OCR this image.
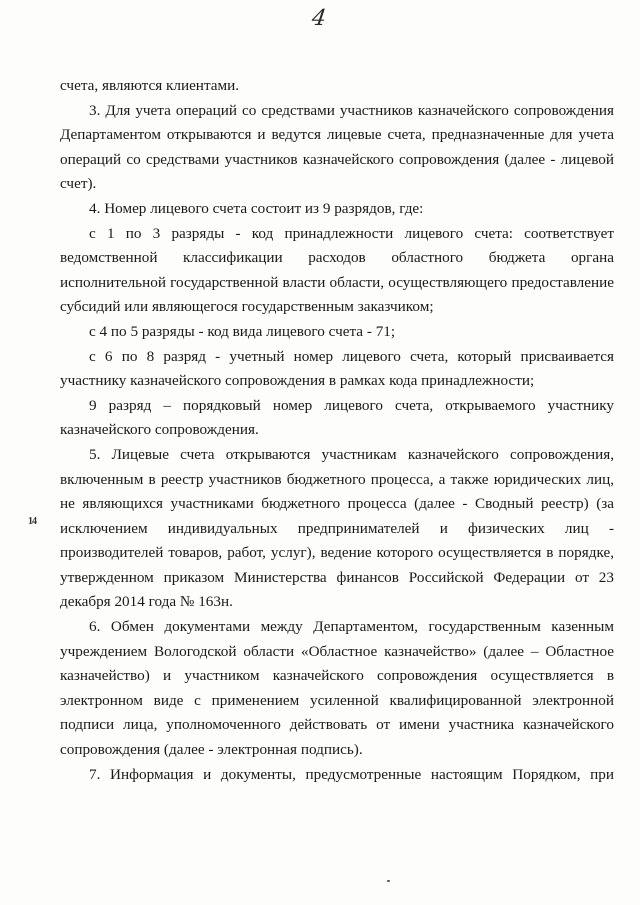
4
14

счета, являются клиентами.

3. Для учета операций со средствами участников казначейского сопровождения Департаментом открываются и ведутся лицевые счета, предназначенные для учета операций со средствами участников казначейского сопровождения (далее - лицевой счет).

4. Номер лицевого счета состоит из 9 разрядов, где:

с 1 по 3 разряды - код принадлежности лицевого счета: соответствует ведомственной классификации расходов областного бюджета органа исполнительной государственной власти области, осуществляющего предоставление субсидий или являющегося государственным заказчиком;

с 4 по 5 разряды - код вида лицевого счета - 71;

с 6 по 8 разряд - учетный номер лицевого счета, который присваивается участнику казначейского сопровождения в рамках кода принадлежности;

9 разряд – порядковый номер лицевого счета, открываемого участнику казначейского сопровождения.

5. Лицевые счета открываются участникам казначейского сопровождения, включенным в реестр участников бюджетного процесса, а также юридических лиц, не являющихся участниками бюджетного процесса (далее - Сводный реестр) (за исключением индивидуальных предпринимателей и физических лиц - производителей товаров, работ, услуг), ведение которого осуществляется в порядке, утвержденном приказом Министерства финансов Российской Федерации от 23 декабря 2014 года № 163н.

6. Обмен документами между Департаментом, государственным казенным учреждением Вологодской области «Областное казначейство» (далее – Областное казначейство) и участником казначейского сопровождения осуществляется в электронном виде с применением усиленной квалифицированной электронной подписи лица, уполномоченного действовать от имени участника казначейского сопровождения (далее - электронная подпись).

7. Информация и документы, предусмотренные настоящим Порядком, при
